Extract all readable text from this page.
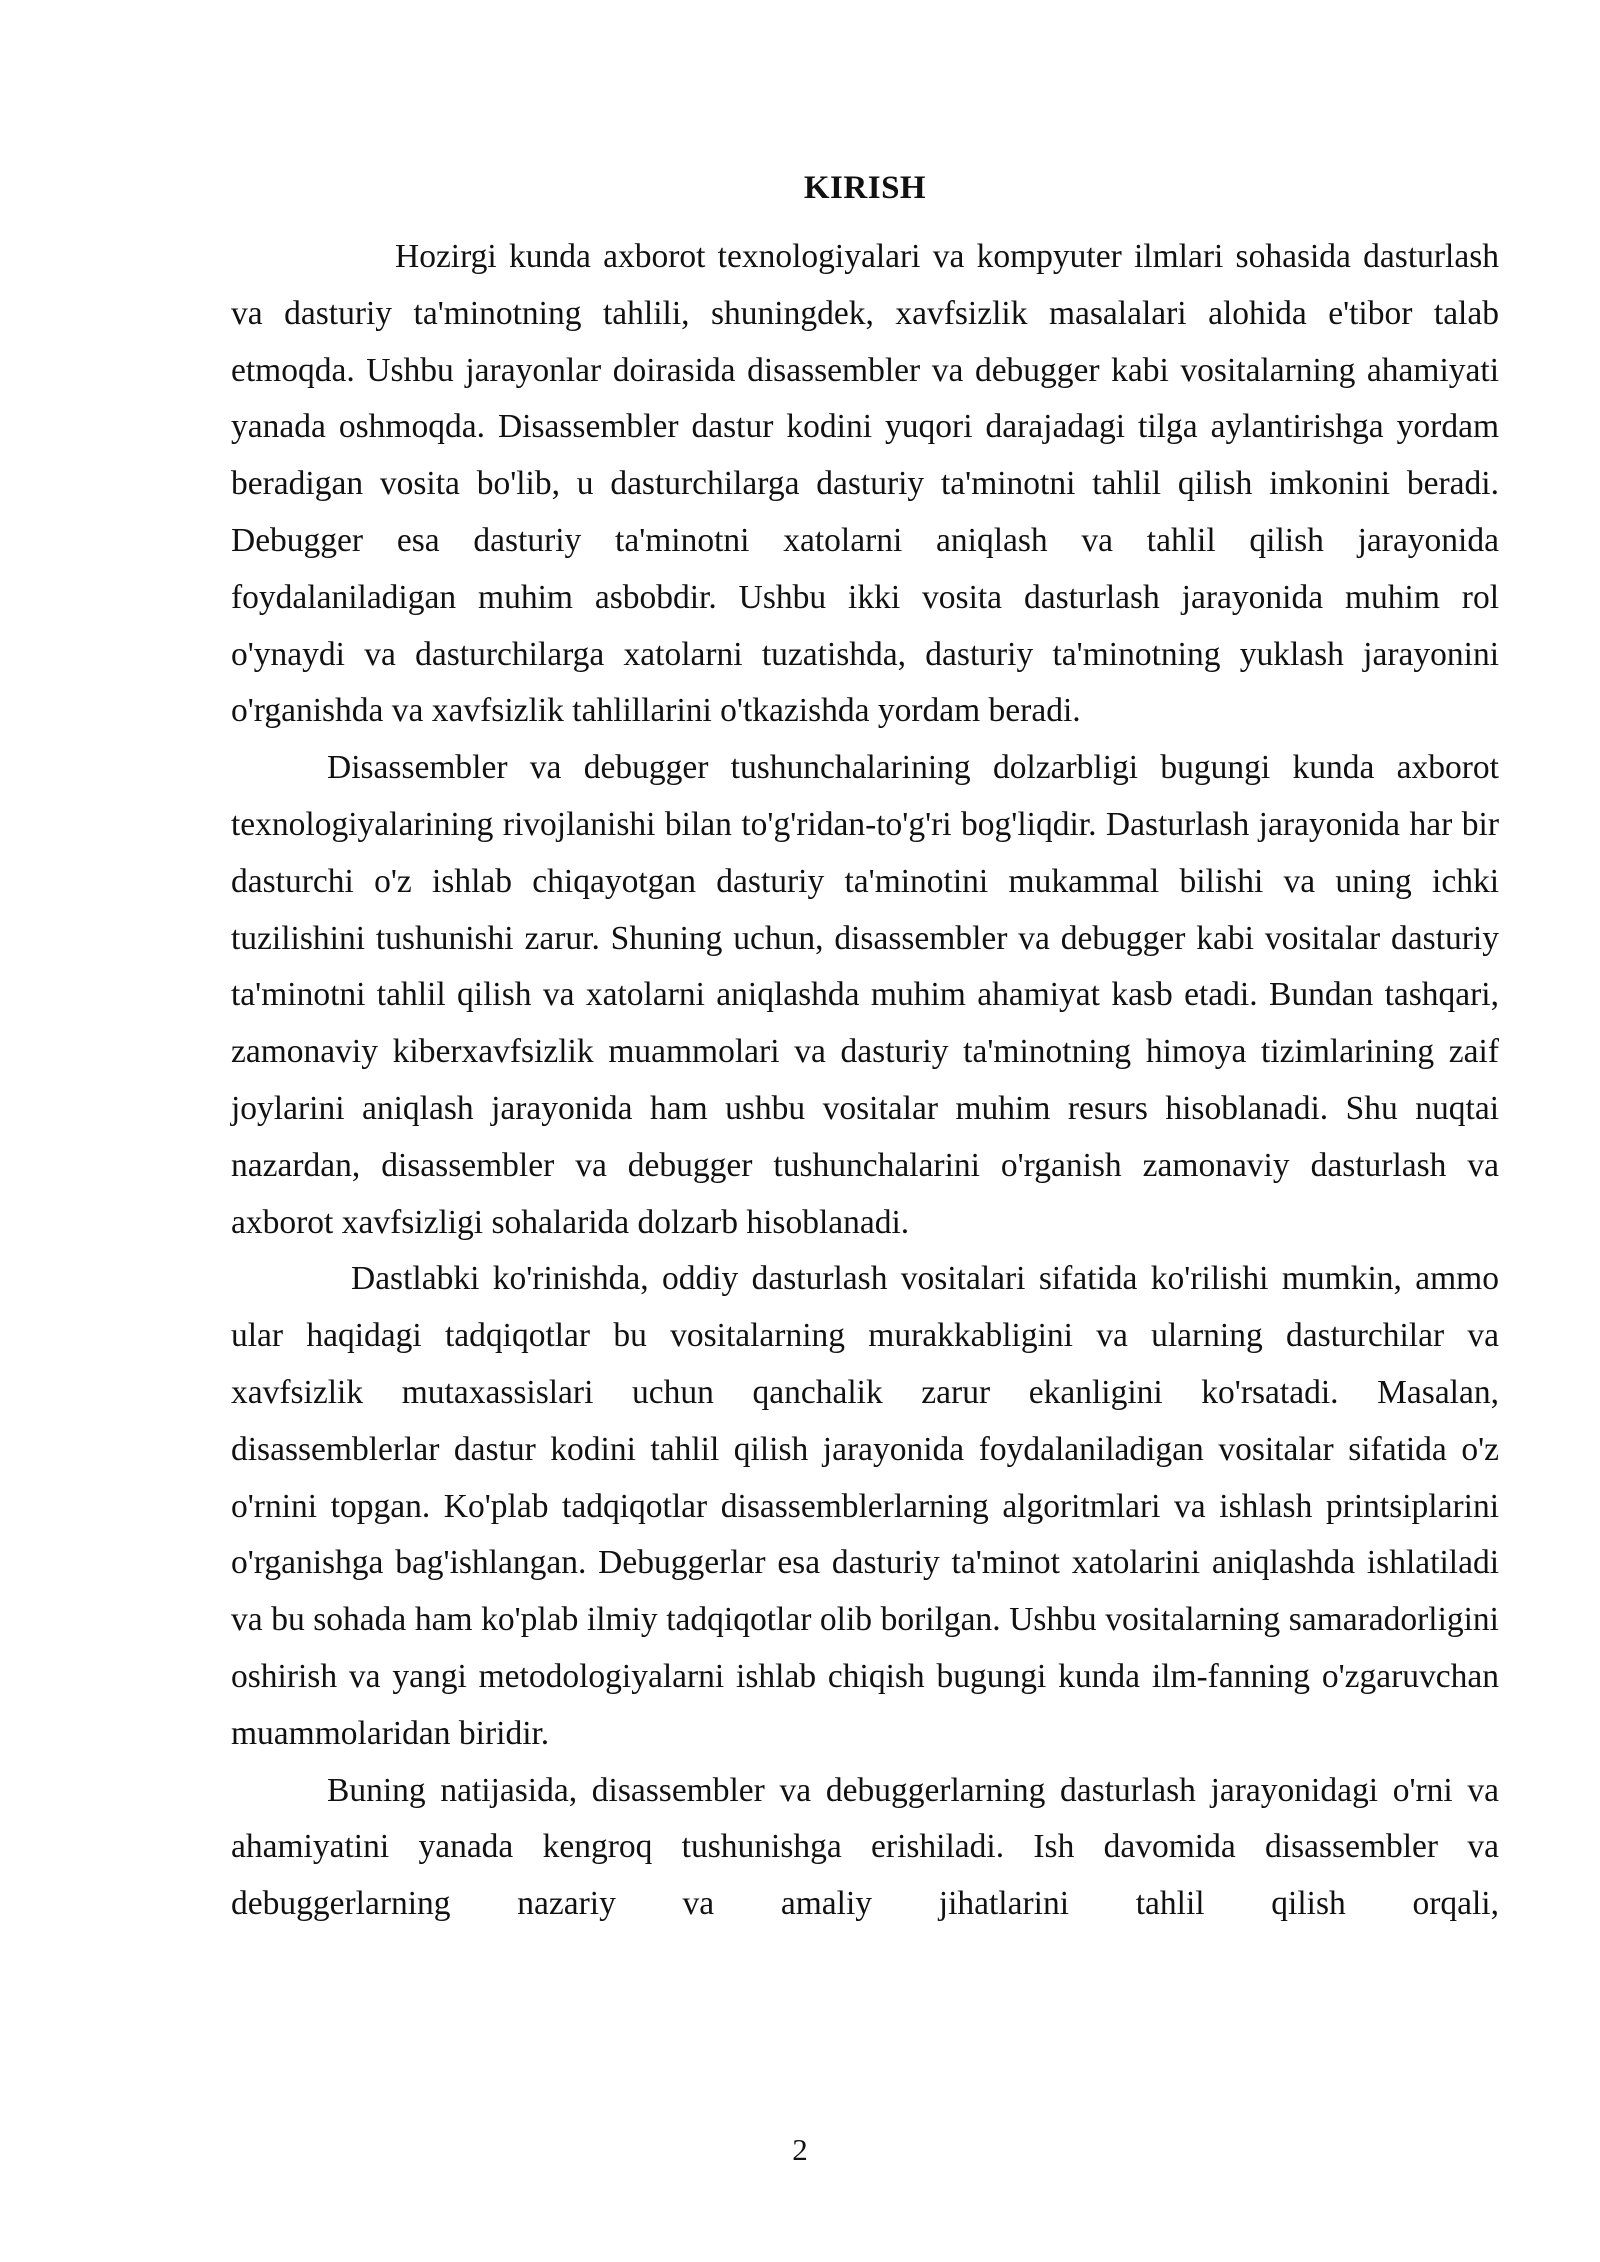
KIRISH

Hozirgi kunda axborot texnologiyalari va kompyuter ilmlari sohasida dasturlash va dasturiy ta'minotning tahlili, shuningdek, xavfsizlik masalalari alohida e'tibor talab etmoqda. Ushbu jarayonlar doirasida disassembler va debugger kabi vositalarning ahamiyati yanada oshmoqda. Disassembler dastur kodini yuqori darajadagi tilga aylantirishga yordam beradigan vosita bo'lib, u dasturchilarga dasturiy ta'minotni tahlil qilish imkonini beradi. Debugger esa dasturiy ta'minotni xatolarni aniqlash va tahlil qilish jarayonida foydalaniladigan muhim asbobdir. Ushbu ikki vosita dasturlash jarayonida muhim rol o'ynaydi va dasturchilarga xatolarni tuzatishda, dasturiy ta'minotning yuklash jarayonini o'rganishda va xavfsizlik tahlillarini o'tkazishda yordam beradi.

Disassembler va debugger tushunchalarining dolzarbligi bugungi kunda axborot texnologiyalarining rivojlanishi bilan to'g'ridan-to'g'ri bog'liqdir. Dasturlash jarayonida har bir dasturchi o'z ishlab chiqayotgan dasturiy ta'minotini mukammal bilishi va uning ichki tuzilishini tushunishi zarur. Shuning uchun, disassembler va debugger kabi vositalar dasturiy ta'minotni tahlil qilish va xatolarni aniqlashda muhim ahamiyat kasb etadi. Bundan tashqari, zamonaviy kiberxavfsizlik muammolari va dasturiy ta'minotning himoya tizimlarining zaif joylarini aniqlash jarayonida ham ushbu vositalar muhim resurs hisoblanadi. Shu nuqtai nazardan, disassembler va debugger tushunchalarini o'rganish zamonaviy dasturlash va axborot xavfsizligi sohalarida dolzarb hisoblanadi.

Dastlabki ko'rinishda, oddiy dasturlash vositalari sifatida ko'rilishi mumkin, ammo ular haqidagi tadqiqotlar bu vositalarning murakkabligini va ularning dasturchilar va xavfsizlik mutaxassislari uchun qanchalik zarur ekanligini ko'rsatadi. Masalan, disassemblerlar dastur kodini tahlil qilish jarayonida foydalaniladigan vositalar sifatida o'z o'rnini topgan. Ko'plab tadqiqotlar disassemblerlarning algoritmlari va ishlash printsiplarini o'rganishga bag'ishlangan. Debuggerlar esa dasturiy ta'minot xatolarini aniqlashda ishlatiladi va bu sohada ham ko'plab ilmiy tadqiqotlar olib borilgan. Ushbu vositalarning samaradorligini oshirish va yangi metodologiyalarni ishlab chiqish bugungi kunda ilm-fanning o'zgaruvchan muammolaridan biridir.

Buning natijasida, disassembler va debuggerlarning dasturlash jarayonidagi o'rni va ahamiyatini yanada kengroq tushunishga erishiladi. Ish davomida disassembler va debuggerlarning nazariy va amaliy jihatlarini tahlil qilish orqali,

2
